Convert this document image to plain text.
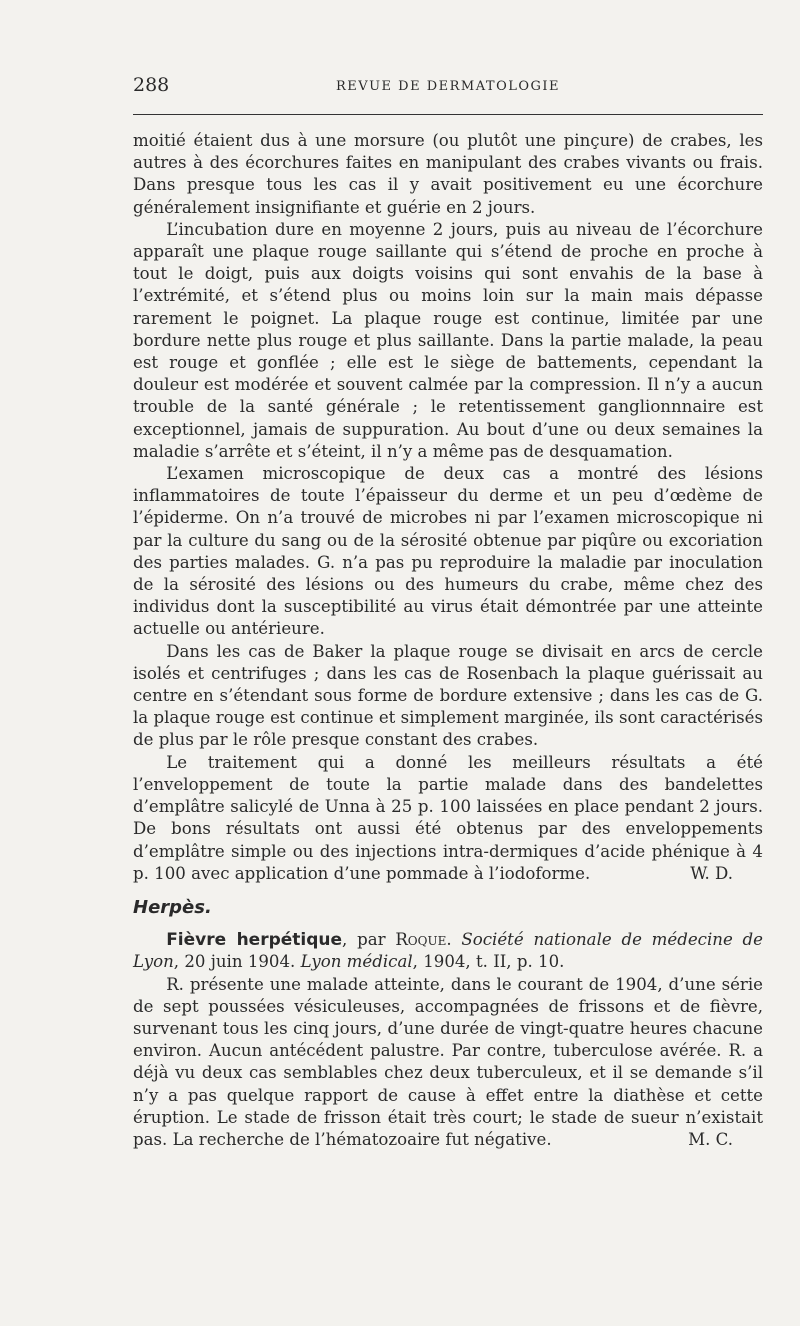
288	REVUE DE DERMATOLOGIE

moitié étaient dus à une morsure (ou plutôt une pinçure) de crabes, les autres à des écorchures faites en manipulant des crabes vivants ou frais. Dans presque tous les cas il y avait positivement eu une écorchure généralement insignifiante et guérie en 2 jours.

L’incubation dure en moyenne 2 jours, puis au niveau de l’écorchure apparaît une plaque rouge saillante qui s’étend de proche en proche à tout le doigt, puis aux doigts voisins qui sont envahis de la base à l’extrémité, et s’étend plus ou moins loin sur la main mais dépasse rarement le poignet. La plaque rouge est continue, limitée par une bordure nette plus rouge et plus saillante. Dans la partie malade, la peau est rouge et gonflée ; elle est le siège de battements, cependant la douleur est modérée et souvent calmée par la compression. Il n’y a aucun trouble de la santé générale ; le retentissement ganglionnnaire est exceptionnel, jamais de suppuration. Au bout d’une ou deux semaines la maladie s’arrête et s’éteint, il n’y a même pas de desquamation.

L’examen microscopique de deux cas a montré des lésions inflammatoires de toute l’épaisseur du derme et un peu d’œdème de l’épiderme. On n’a trouvé de microbes ni par l’examen microscopique ni par la culture du sang ou de la sérosité obtenue par piqûre ou excoriation des parties malades. G. n’a pas pu reproduire la maladie par inoculation de la sérosité des lésions ou des humeurs du crabe, même chez des individus dont la susceptibilité au virus était démontrée par une atteinte actuelle ou antérieure.

Dans les cas de Baker la plaque rouge se divisait en arcs de cercle isolés et centrifuges ; dans les cas de Rosenbach la plaque guérissait au centre en s’étendant sous forme de bordure extensive ; dans les cas de G. la plaque rouge est continue et simplement marginée, ils sont caractérisés de plus par le rôle presque constant des crabes.

Le traitement qui a donné les meilleurs résultats a été l’enveloppement de toute la partie malade dans des bandelettes d’emplâtre salicylé de Unna à 25 p. 100 laissées en place pendant 2 jours. De bons résultats ont aussi été obtenus par des enveloppements d’emplâtre simple ou des injections intra-dermiques d’acide phénique à 4 p. 100 avec application d’une pommade à l’iodoforme.	W. D.

Herpès.

Fièvre herpétique, par Roque. Société nationale de médecine de Lyon, 20 juin 1904. Lyon médical, 1904, t. II, p. 10.

R. présente une malade atteinte, dans le courant de 1904, d’une série de sept poussées vésiculeuses, accompagnées de frissons et de fièvre, survenant tous les cinq jours, d’une durée de vingt-quatre heures chacune environ. Aucun antécédent palustre. Par contre, tuberculose avérée. R. a déjà vu deux cas semblables chez deux tuberculeux, et il se demande s’il n’y a pas quelque rapport de cause à effet entre la diathèse et cette éruption. Le stade de frisson était très court; le stade de sueur n’existait pas. La recherche de l’hématozoaire fut négative.	M. C.
